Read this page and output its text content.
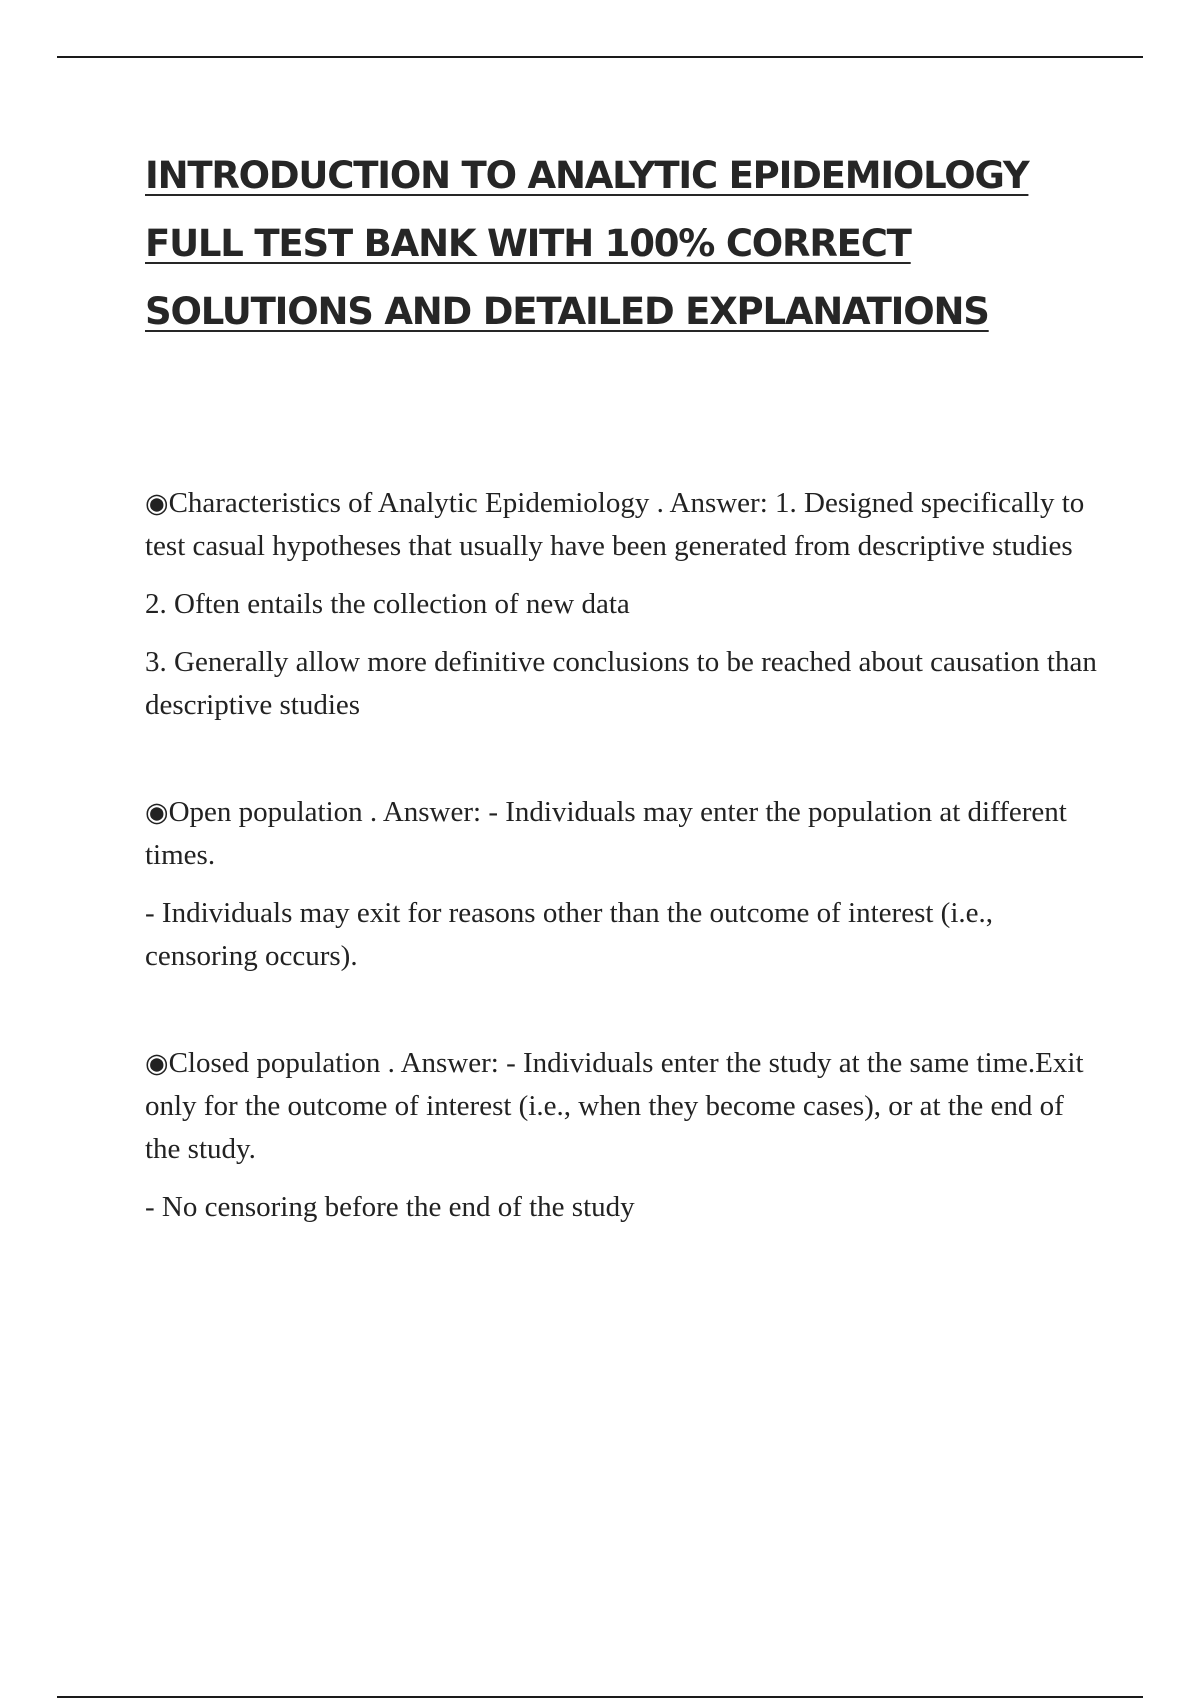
INTRODUCTION TO ANALYTIC EPIDEMIOLOGY
FULL TEST BANK WITH 100% CORRECT
SOLUTIONS AND DETAILED EXPLANATIONS

◉Characteristics of Analytic Epidemiology . Answer: 1. Designed specifically to test casual hypotheses that usually have been generated from descriptive studies

2. Often entails the collection of new data

3. Generally allow more definitive conclusions to be reached about causation than descriptive studies

◉Open population . Answer: - Individuals may enter the population at different times.

- Individuals may exit for reasons other than the outcome of interest (i.e., censoring occurs).

◉Closed population . Answer: - Individuals enter the study at the same time.Exit only for the outcome of interest (i.e., when they become cases), or at the end of the study.

- No censoring before the end of the study
